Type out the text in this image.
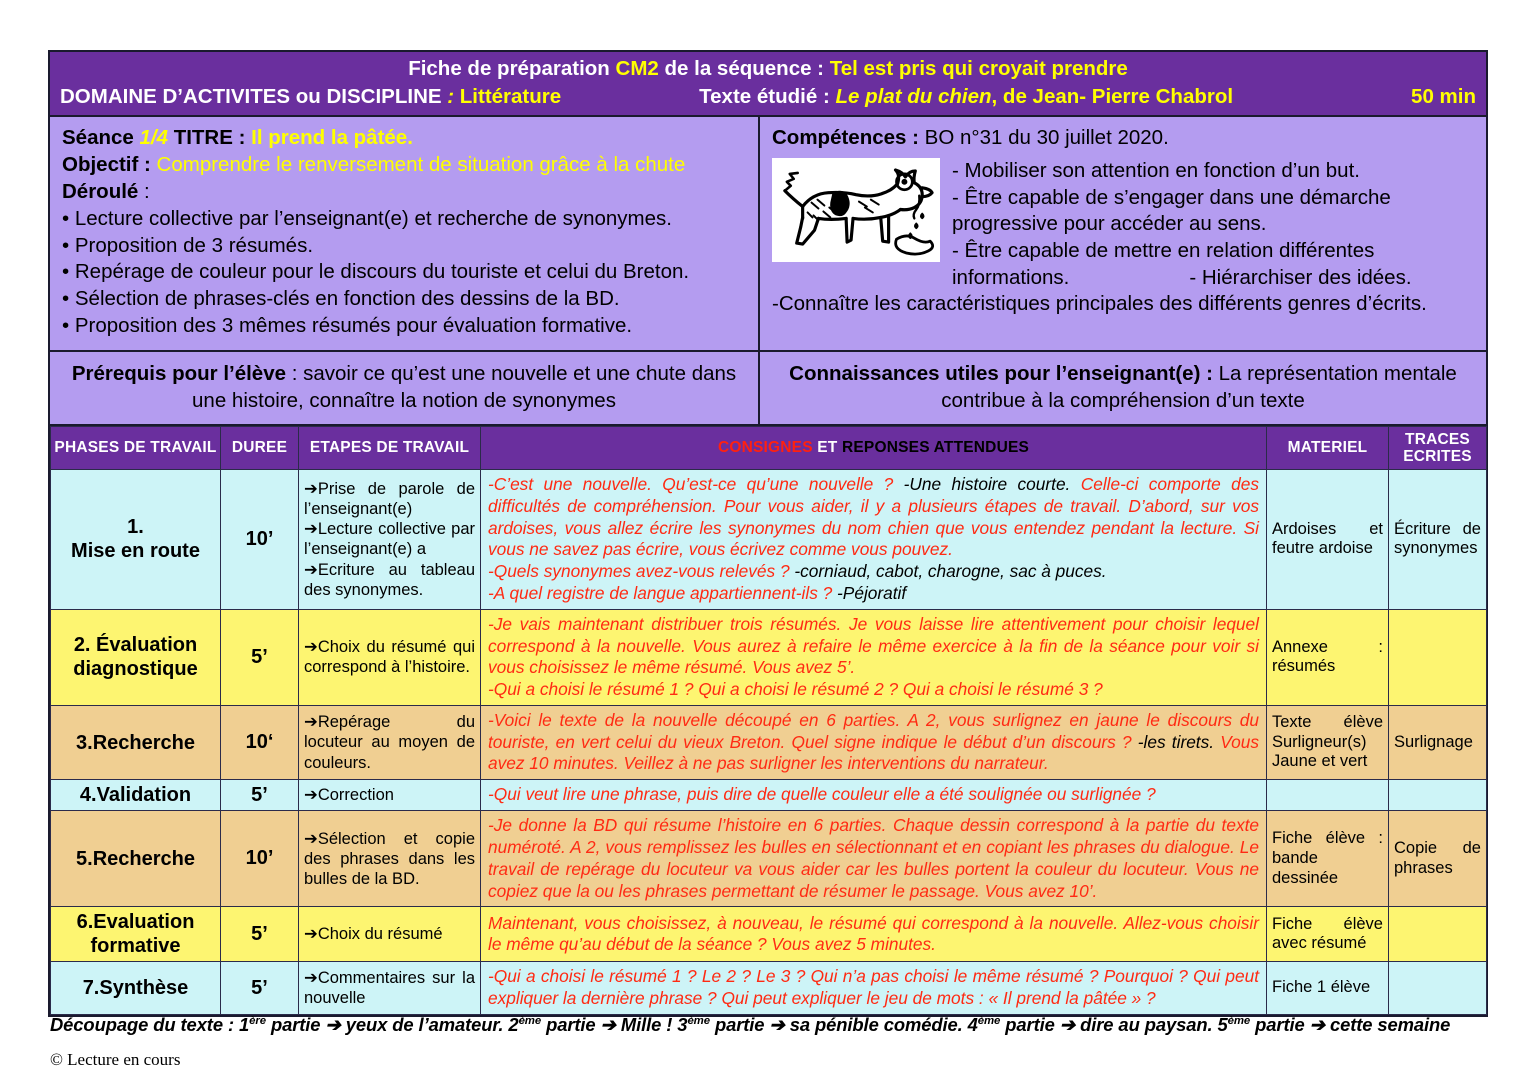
Fiche de préparation CM2 de la séquence : Tel est pris qui croyait prendre
DOMAINE D’ACTIVITES ou DISCIPLINE : Littérature	Texte étudié : Le plat du chien, de Jean- Pierre Chabrol	50 min
Séance 1/4 TITRE : Il prend la pâtée.
Objectif : Comprendre le renversement de situation grâce à la chute
Déroulé :
• Lecture collective par l’enseignant(e) et recherche de synonymes.
• Proposition de 3 résumés.
• Repérage de couleur pour le discours du touriste et celui du Breton.
• Sélection de phrases-clés en fonction des dessins de la BD.
• Proposition des 3 mêmes résumés pour évaluation formative.
Compétences : BO n°31 du 30 juillet 2020.
- Mobiliser son attention en fonction d’un but.
- Être capable de s’engager dans une démarche
progressive pour accéder au sens.
- Être capable de mettre en relation différentes
informations.	- Hiérarchiser des idées.
-Connaître les caractéristiques principales des différents genres d’écrits.
Prérequis pour l’élève : savoir ce qu’est une nouvelle et une chute dans une histoire, connaître la notion de synonymes
Connaissances utiles pour l’enseignant(e) : La représentation mentale contribue à la compréhension d’un texte
PHASES DE TRAVAIL	DUREE	ETAPES DE TRAVAIL	CONSIGNES ET REPONSES ATTENDUES	MATERIEL	TRACES ECRITES
1.
Mise en route	10’	➔Prise de parole de l’enseignant(e)
➔Lecture collective par l’enseignant(e) a
➔Ecriture au tableau des synonymes.	-C’est une nouvelle. Qu’est-ce qu’une nouvelle ? -Une histoire courte. Celle-ci comporte des difficultés de compréhension. Pour vous aider, il y a plusieurs étapes de travail. D’abord, sur vos ardoises, vous allez écrire les synonymes du nom chien que vous entendez pendant la lecture. Si vous ne savez pas écrire, vous écrivez comme vous pouvez.
-Quels synonymes avez-vous relevés ? -corniaud, cabot, charogne, sac à puces.
-A quel registre de langue appartiennent-ils ? -Péjoratif	Ardoises et feutre ardoise	Écriture de synonymes
2. Évaluation diagnostique	5’	➔Choix du résumé qui correspond à l’histoire.	-Je vais maintenant distribuer trois résumés. Je vous laisse lire attentivement pour choisir lequel correspond à la nouvelle. Vous aurez à refaire le même exercice à la fin de la séance pour voir si vous choisissez le même résumé. Vous avez 5’.
-Qui a choisi le résumé 1 ? Qui a choisi le résumé 2 ? Qui a choisi le résumé 3 ?	Annexe : résumés	
3.Recherche	10‘	➔Repérage du locuteur au moyen de couleurs.	-Voici le texte de la nouvelle découpé en 6 parties. A 2, vous surlignez en jaune le discours du touriste, en vert celui du vieux Breton. Quel signe indique le début d’un discours ? -les tirets. Vous avez 10 minutes. Veillez à ne pas surligner les interventions du narrateur.	Texte élève Surligneur(s) Jaune et vert	Surlignage
4.Validation	5’	➔Correction	-Qui veut lire une phrase, puis dire de quelle couleur elle a été soulignée ou surlignée ?		
5.Recherche	10’	➔Sélection et copie des phrases dans les bulles de la BD.	-Je donne la BD qui résume l’histoire en 6 parties. Chaque dessin correspond à la partie du texte numéroté. A 2, vous remplissez les bulles en sélectionnant et en copiant les phrases du dialogue. Le travail de repérage du locuteur va vous aider car les bulles portent la couleur du locuteur. Vous ne copiez que la ou les phrases permettant de résumer le passage. Vous avez 10’.	Fiche élève : bande dessinée	Copie de phrases
6.Evaluation formative	5’	➔Choix du résumé	Maintenant, vous choisissez, à nouveau, le résumé qui correspond à la nouvelle. Allez-vous choisir le même qu’au début de la séance ? Vous avez 5 minutes.	Fiche élève avec résumé	
7.Synthèse	5’	➔Commentaires sur la nouvelle	-Qui a choisi le résumé 1 ? Le 2 ? Le 3 ? Qui n’a pas choisi le même résumé ? Pourquoi ? Qui peut expliquer la dernière phrase ? Qui peut expliquer le jeu de mots : « Il prend la pâtée » ?	Fiche 1 élève	
Découpage du texte : 1ère partie ➔ yeux de l’amateur. 2ème partie ➔ Mille ! 3ème partie ➔ sa pénible comédie. 4ème partie ➔ dire au paysan. 5ème partie ➔ cette semaine
© Lecture en cours
